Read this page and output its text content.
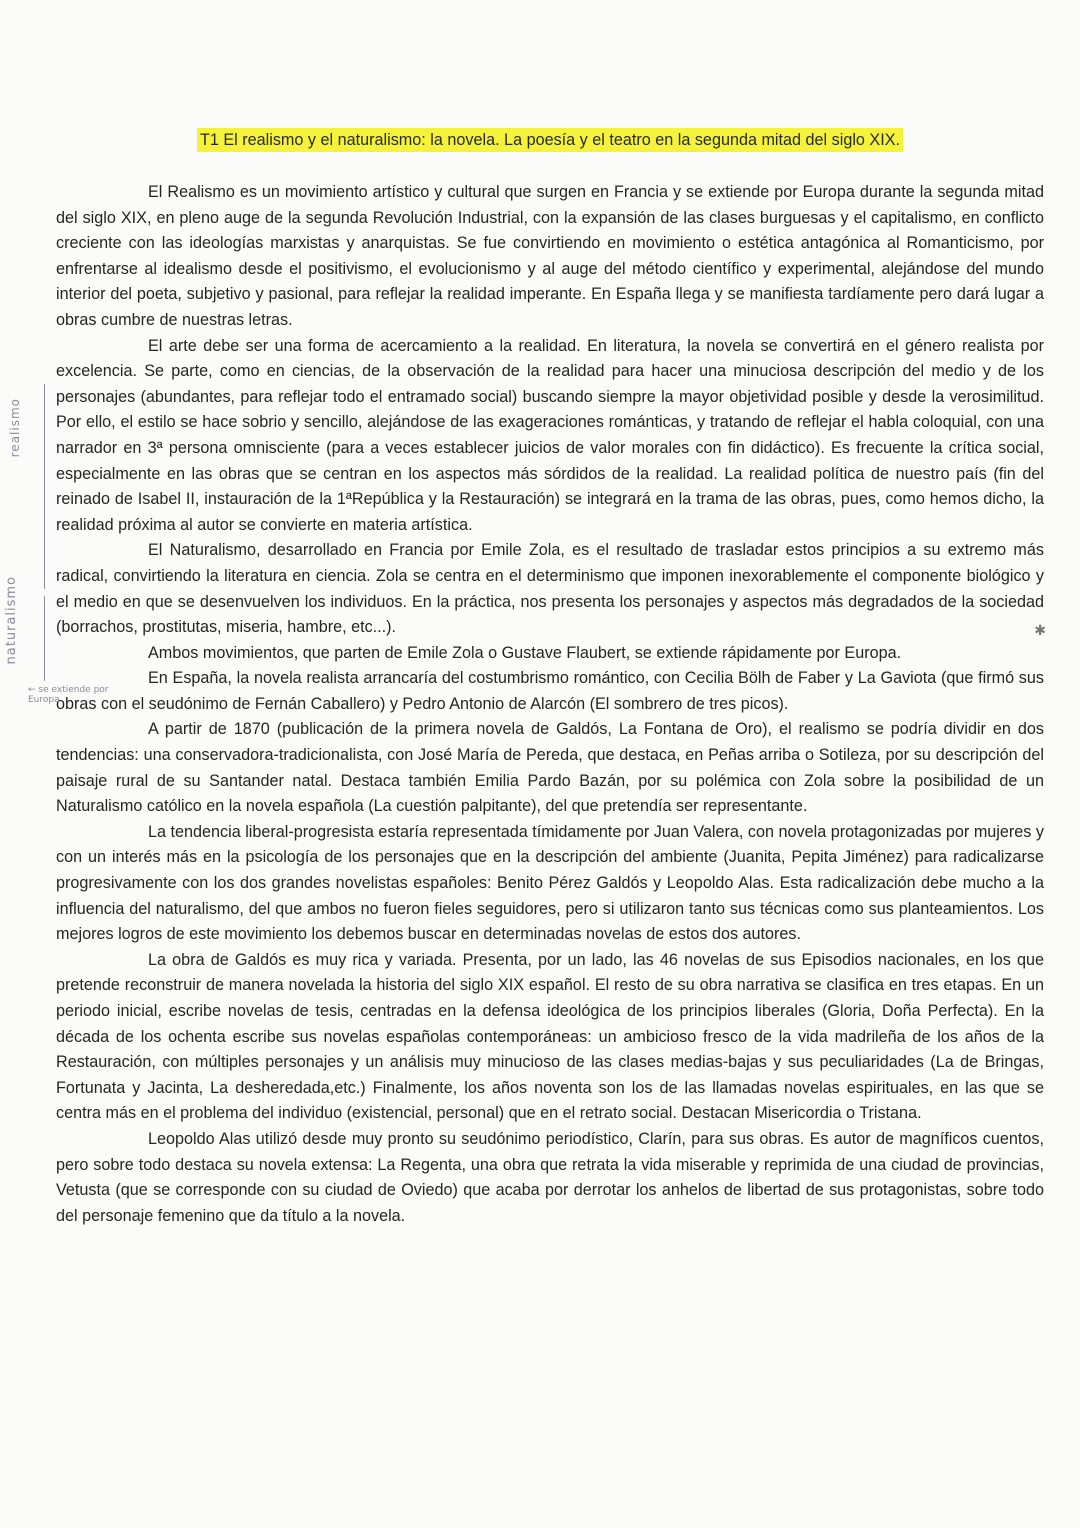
T1 El realismo y el naturalismo: la novela. La poesía y el teatro en la segunda mitad del siglo XIX.

El Realismo es un movimiento artístico y cultural que surgen en Francia y se extiende por Europa durante la segunda mitad del siglo XIX, en pleno auge de la segunda Revolución Industrial, con la expansión de las clases burguesas y el capitalismo, en conflicto creciente con las ideologías marxistas y anarquistas. Se fue convirtiendo en movimiento o estética antagónica al Romanticismo, por enfrentarse al idealismo desde el positivismo, el evolucionismo y al auge del método científico y experimental, alejándose del mundo interior del poeta, subjetivo y pasional, para reflejar la realidad imperante. En España llega y se manifiesta tardíamente pero dará lugar a obras cumbre de nuestras letras.

El arte debe ser una forma de acercamiento a la realidad. En literatura, la novela se convertirá en el género realista por excelencia. Se parte, como en ciencias, de la observación de la realidad para hacer una minuciosa descripción del medio y de los personajes (abundantes, para reflejar todo el entramado social) buscando siempre la mayor objetividad posible y desde la verosimilitud. Por ello, el estilo se hace sobrio y sencillo, alejándose de las exageraciones románticas, y tratando de reflejar el habla coloquial, con una narrador en 3ª persona omnisciente (para a veces establecer juicios de valor morales con fin didáctico). Es frecuente la crítica social, especialmente en las obras que se centran en los aspectos más sórdidos de la realidad. La realidad política de nuestro país (fin del reinado de Isabel II, instauración de la 1ªRepública y la Restauración) se integrará en la trama de las obras, pues, como hemos dicho, la realidad próxima al autor se convierte en materia artística.

El Naturalismo, desarrollado en Francia por Emile Zola, es el resultado de trasladar estos principios a su extremo más radical, convirtiendo la literatura en ciencia. Zola se centra en el determinismo que imponen inexorablemente el componente biológico y el medio en que se desenvuelven los individuos. En la práctica, nos presenta los personajes y aspectos más degradados de la sociedad (borrachos, prostitutas, miseria, hambre, etc...).

Ambos movimientos, que parten de Emile Zola o Gustave Flaubert, se extiende rápidamente por Europa.

En España, la novela realista arrancaría del costumbrismo romántico, con Cecilia Bölh de Faber y La Gaviota (que firmó sus obras con el seudónimo de Fernán Caballero) y Pedro Antonio de Alarcón (El sombrero de tres picos).

A partir de 1870 (publicación de la primera novela de Galdós, La Fontana de Oro), el realismo se podría dividir en dos tendencias: una conservadora-tradicionalista, con José María de Pereda, que destaca, en Peñas arriba o Sotileza, por su descripción del paisaje rural de su Santander natal. Destaca también Emilia Pardo Bazán, por su polémica con Zola sobre la posibilidad de un Naturalismo católico en la novela española (La cuestión palpitante), del que pretendía ser representante.

La tendencia liberal-progresista estaría representada tímidamente por Juan Valera, con novela protagonizadas por mujeres y con un interés más en la psicología de los personajes que en la descripción del ambiente (Juanita, Pepita Jiménez) para radicalizarse progresivamente con los dos grandes novelistas españoles: Benito Pérez Galdós y Leopoldo Alas. Esta radicalización debe mucho a la influencia del naturalismo, del que ambos no fueron fieles seguidores, pero si utilizaron tanto sus técnicas como sus planteamientos. Los mejores logros de este movimiento los debemos buscar en determinadas novelas de estos dos autores.

La obra de Galdós es muy rica y variada. Presenta, por un lado, las 46 novelas de sus Episodios nacionales, en los que pretende reconstruir de manera novelada la historia del siglo XIX español. El resto de su obra narrativa se clasifica en tres etapas. En un periodo inicial, escribe novelas de tesis, centradas en la defensa ideológica de los principios liberales (Gloria, Doña Perfecta). En la década de los ochenta escribe sus novelas españolas contemporáneas: un ambicioso fresco de la vida madrileña de los años de la Restauración, con múltiples personajes y un análisis muy minucioso de las clases medias-bajas y sus peculiaridades (La de Bringas, Fortunata y Jacinta, La desheredada,etc.) Finalmente, los años noventa son los de las llamadas novelas espirituales, en las que se centra más en el problema del individuo (existencial, personal) que en el retrato social. Destacan Misericordia o Tristana.

Leopoldo Alas utilizó desde muy pronto su seudónimo periodístico, Clarín, para sus obras. Es autor de magníficos cuentos, pero sobre todo destaca su novela extensa: La Regenta, una obra que retrata la vida miserable y reprimida de una ciudad de provincias, Vetusta (que se corresponde con su ciudad de Oviedo) que acaba por derrotar los anhelos de libertad de sus protagonistas, sobre todo del personaje femenino que da título a la novela.

realismo
naturalismo
← se extiende por Europa
✱
